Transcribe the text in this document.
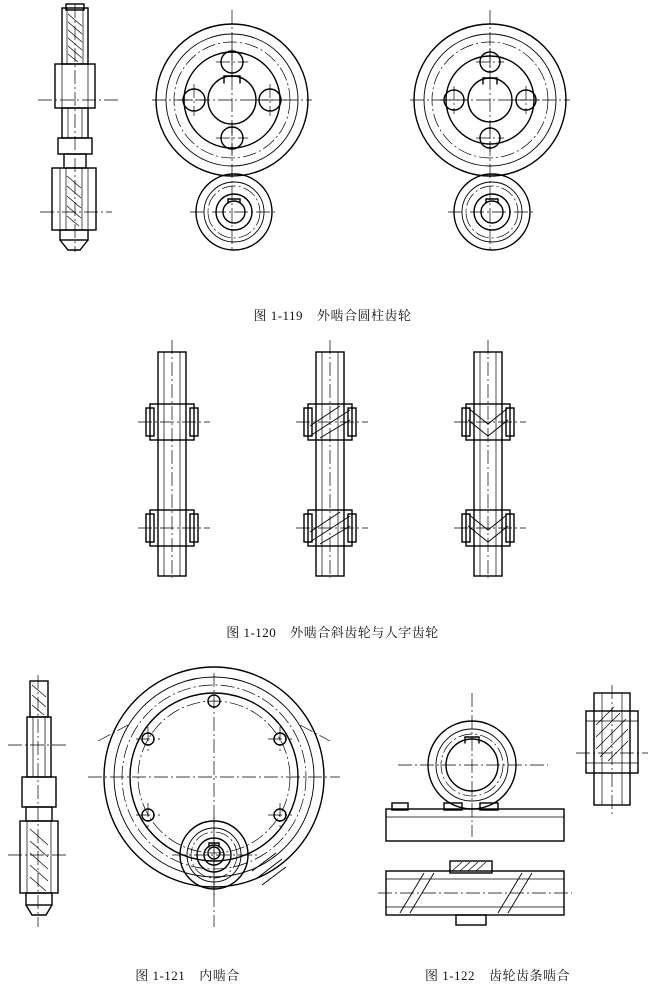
图 1-119 外啮合圆柱齿轮

图 1-120 外啮合斜齿轮与人字齿轮

图 1-121 内啮合
	图 1-122 齿轮齿条啮合
